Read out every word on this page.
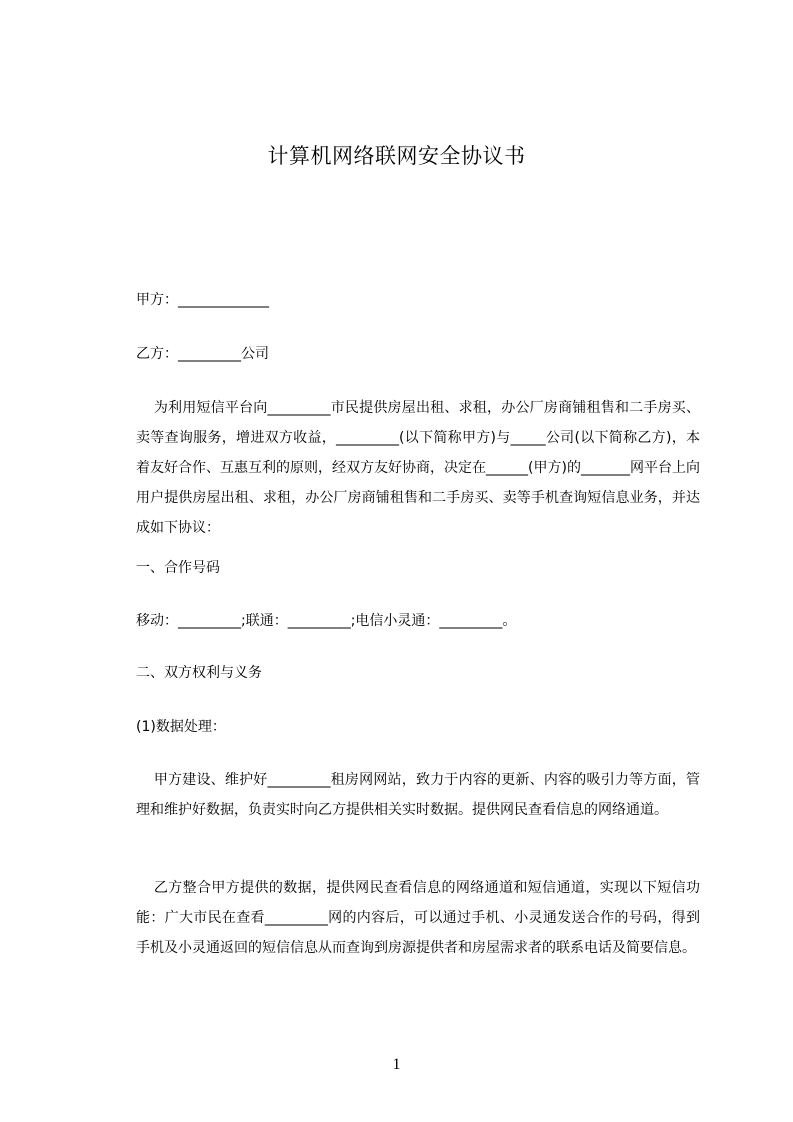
计算机网络联网安全协议书
甲方：_____________
乙方：_________公司
为利用短信平台向_________市民提供房屋出租、求租，办公厂房商铺租售和二手房买、卖等查询服务，增进双方收益，_________(以下简称甲方)与_____公司(以下简称乙方)，本着友好合作、互惠互利的原则，经双方友好协商，决定在______(甲方)的_______网平台上向用户提供房屋出租、求租，办公厂房商铺租售和二手房买、卖等手机查询短信息业务，并达成如下协议：
一、合作号码
移动：_________;联通：_________;电信小灵通：_________。
二、双方权利与义务
(1)数据处理：
甲方建设、维护好_________租房网网站，致力于内容的更新、内容的吸引力等方面，管理和维护好数据，负责实时向乙方提供相关实时数据。提供网民查看信息的网络通道。
乙方整合甲方提供的数据，提供网民查看信息的网络通道和短信通道，实现以下短信功能：广大市民在查看_________网的内容后，可以通过手机、小灵通发送合作的号码，得到手机及小灵通返回的短信信息从而查询到房源提供者和房屋需求者的联系电话及简要信息。
1
